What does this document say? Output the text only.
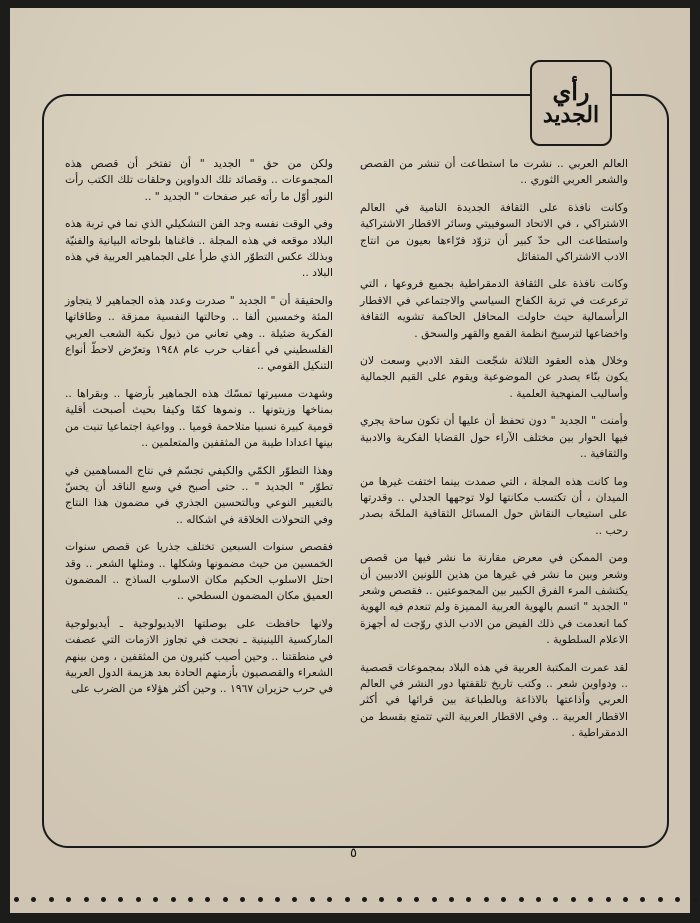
رأي
الجديد

العالم العربي .. نشرت ما استطاعت أن تنشر من القصص والشعر العربي الثوري ..

وكانت نافذة على الثقافة الجديدة النامية في العالم الاشتراكي ، في الاتحاد السوفييتي وسائر الاقطار الاشتراكية واستطاعت الى حدّ كبير أن تزوّد قرّاءها بعيون من انتاج الادب الاشتراكي المتفائل

وكانت نافذة على الثقافة الدمقراطية بجميع فروعها ، التي ترعرعت في تربة الكفاح السياسي والاجتماعي في الاقطار الرأسمالية حيث حاولت المحافل الحاكمة تشويه الثقافة واخضاعها لترسيخ انظمة القمع والقهر والسحق .

وخلال هذه العقود الثلاثة شجّعت النقد الادبي وسعت لان يكون بنّاء يصدر عن الموضوعية ويقوم على القيم الجمالية وأساليب المنهجية العلمية .

وأمنت " الجديد " دون تحفظ أن عليها أن تكون ساحة يجري فيها الحوار بين مختلف الآراء حول القضايا الفكرية والادبية والثقافية ..

وما كانت هذه المجلة ، التي صمدت بينما اختفت غيرها من الميدان ، أن تكتسب مكانتها لولا توجهها الجدلي .. وقدرتها على استيعاب النقاش حول المسائل الثقافية الملحّة بصدر رحب ..

ومن الممكن في معرض مقارنة ما نشر فيها من قصص وشعر وبين ما نشر في غيرها من هذين اللونين الادبيين أن يكتشف المرء الفرق الكبير بين المجموعتين .. فقصص وشعر " الجديد " اتسم بالهوية العربية المميزة ولم تنعدم فيه الهوية كما انعدمت في ذلك الفيض من الادب الذي روّجت له أجهزة الاعلام السلطوية .

لقد عمرت المكتبة العربية في هذه البلاد بمجموعات قصصية .. ودواوين شعر .. وكتب تاريخ تلقفتها دور النشر في العالم العربي وأذاعتها بالاذاعة وبالطباعة بين قرائها في أكثر الاقطار العربية .. وفي الاقطار العربية التي تتمتع بقسط من الدمقراطية .

ولكن من حق " الجديد " أن تفتخر أن قصص هذه المجموعات .. وقصائد تلك الدواوين وحلقات تلك الكتب رأت النور أوّل ما رأته عبر صفحات " الجديد " ..

وفي الوقت نفسه وجد الفن التشكيلي الذي نما في تربة هذه البلاد موقعه في هذه المجلة .. فاغناها بلوحاته البيانية والفنيّة وبذلك عكس التطوّر الذي طرأ على الجماهير العربية في هذه البلاد ..

والحقيقة أن " الجديد " صدرت وعدد هذه الجماهير لا يتجاوز المئة وخمسين ألفا .. وحالتها النفسية ممزقة .. وطاقاتها الفكرية ضئيلة .. وهي تعاني من ذيول نكبة الشعب العربي الفلسطيني في أعقاب حرب عام ١٩٤٨ وتعرّض لاحطّ أنواع التنكيل القومي ..

وشهدت مسيرتها تمسّك هذه الجماهير بأرضها .. وبقراها .. بمناخها وزيتونها .. ونموها كمّا وكيفا بحيث أصبحت أقلية قومية كبيرة نسبيا متلاحمة قوميا .. وواعية اجتماعيا تنبت من بينها اعدادا طيبة من المثقفين والمتعلمين ..

وهذا التطوّر الكمّي والكيفي تجسّم في نتاج المساهمين في تطوّر " الجديد " .. حتى أصبح في وسع الناقد أن يحسّ بالتغيير النوعي وبالتحسين الجذري في مضمون هذا النتاج وفي التحولات الخلاقة في اشكاله ..

فقصص سنوات السبعين تختلف جذريا عن قصص سنوات الخمسين من حيث مضمونها وشكلها .. ومثلها الشعر .. وقد احتل الاسلوب الحكيم مكان الاسلوب الساذج .. المضمون العميق مكان المضمون السطحي ..

ولانها حافظت على بوصلتها الايديولوجية ـ أيديولوجية الماركسية اللينينية ـ نجحت في تجاوز الازمات التي عصفت في منطقتنا .. وحين أصيب كثيرون من المثقفين ، ومن بينهم الشعراء والقصصيون بأزمتهم الحادة بعد هزيمة الدول العربية في حرب حزيران ١٩٦٧ .. وحين أكثر هؤلاء من الضرب على

٥
